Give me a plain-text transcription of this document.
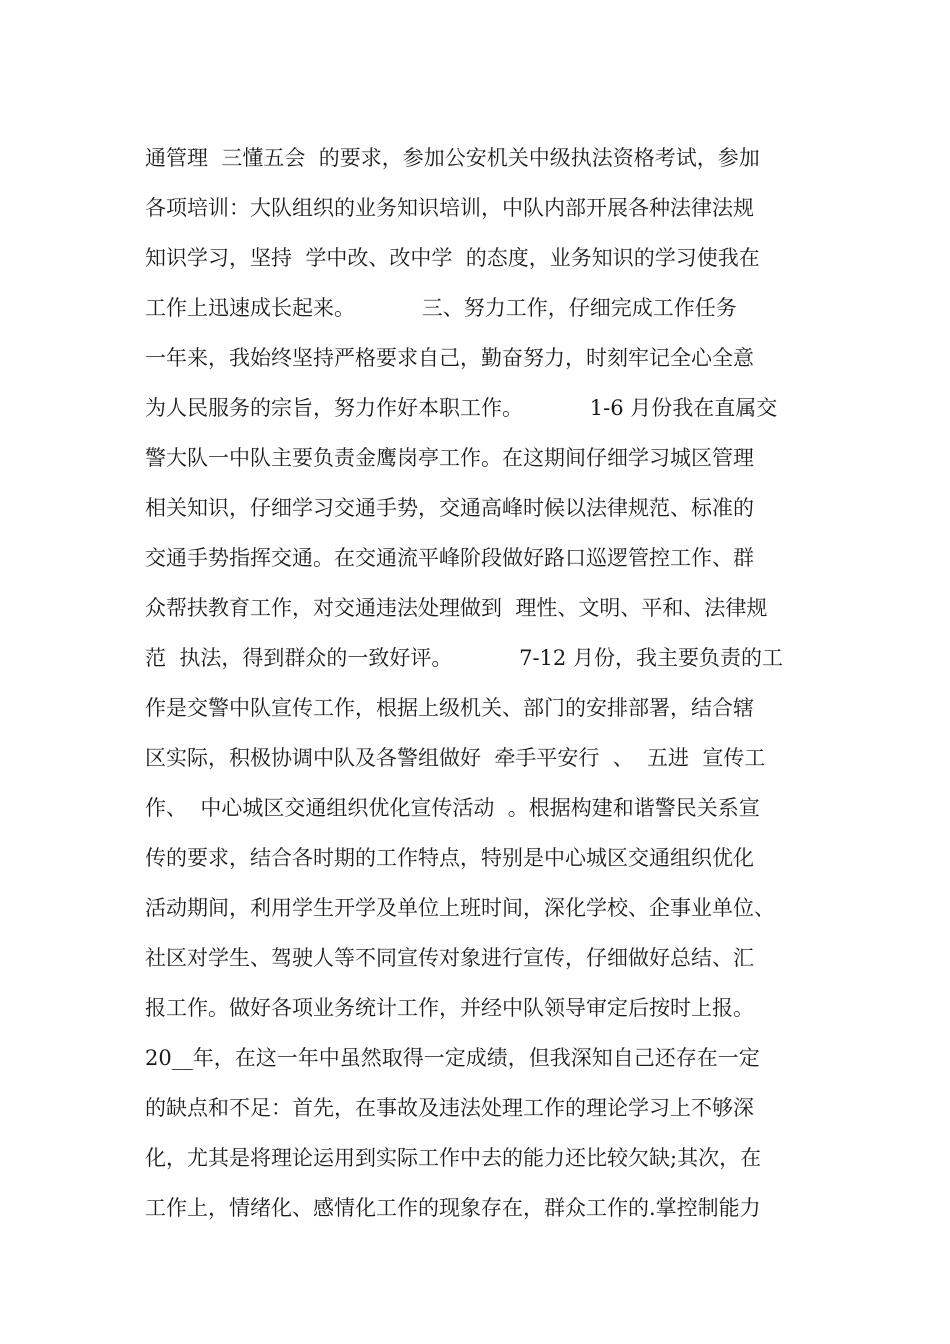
通管理  三懂五会  的要求，参加公安机关中级执法资格考试，参加
各项培训：大队组织的业务知识培训，中队内部开展各种法律法规
知识学习，坚持  学中改、改中学  的态度，业务知识的学习使我在
工作上迅速成长起来。          三、努力工作，仔细完成工作任务
一年来，我始终坚持严格要求自己，勤奋努力，时刻牢记全心全意
为人民服务的宗旨，努力作好本职工作。          1-6 月份我在直属交
警大队一中队主要负责金鹰岗亭工作。在这期间仔细学习城区管理
相关知识，仔细学习交通手势，交通高峰时候以法律规范、标准的
交通手势指挥交通。在交通流平峰阶段做好路口巡逻管控工作、群
众帮扶教育工作，对交通违法处理做到  理性、文明、平和、法律规
范  执法，得到群众的一致好评。          7-12 月份，我主要负责的工
作是交警中队宣传工作，根据上级机关、部门的安排部署，结合辖
区实际，积极协调中队及各警组做好  牵手平安行  、  五进  宣传工
作、  中心城区交通组织优化宣传活动  。根据构建和谐警民关系宣
传的要求，结合各时期的工作特点，特别是中心城区交通组织优化
活动期间，利用学生开学及单位上班时间，深化学校、企事业单位、
社区对学生、驾驶人等不同宣传对象进行宣传，仔细做好总结、汇
报工作。做好各项业务统计工作，并经中队领导审定后按时上报。
20__年，在这一年中虽然取得一定成绩，但我深知自己还存在一定
的缺点和不足：首先，在事故及违法处理工作的理论学习上不够深
化，尤其是将理论运用到实际工作中去的能力还比较欠缺;其次，在
工作上，情绪化、感情化工作的现象存在，群众工作的.掌控制能力
